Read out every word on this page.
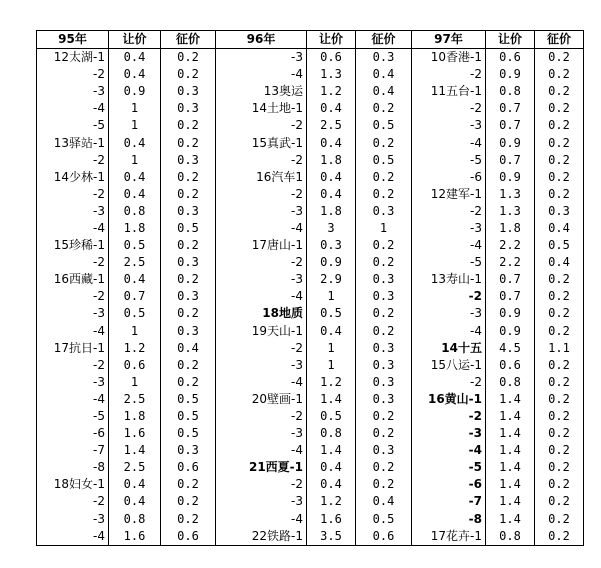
95年	让价	征价	96年	让价	征价	97年	让价	征价
12太湖-1	0.4	0.2	-3	0.6	0.3	10香港-1	0.6	0.2
-2	0.4	0.2	-4	1.3	0.4	-2	0.9	0.2
-3	0.9	0.3	13奥运	1.2	0.4	11五台-1	0.8	0.2
-4	1	0.3	14土地-1	0.4	0.2	-2	0.7	0.2
-5	1	0.2	-2	2.5	0.5	-3	0.7	0.2
13驿站-1	0.4	0.2	15真武-1	0.4	0.2	-4	0.9	0.2
-2	1	0.3	-2	1.8	0.5	-5	0.7	0.2
14少林-1	0.4	0.2	16汽车1	0.4	0.2	-6	0.9	0.2
-2	0.4	0.2	-2	0.4	0.2	12建军-1	1.3	0.2
-3	0.8	0.3	-3	1.8	0.3	-2	1.3	0.3
-4	1.8	0.5	-4	3	1	-3	1.8	0.4
15珍稀-1	0.5	0.2	17唐山-1	0.3	0.2	-4	2.2	0.5
-2	2.5	0.3	-2	0.9	0.2	-5	2.2	0.4
16西藏-1	0.4	0.2	-3	2.9	0.3	13寿山-1	0.7	0.2
-2	0.7	0.3	-4	1	0.3	-2	0.7	0.2
-3	0.5	0.2	18地质	0.5	0.2	-3	0.9	0.2
-4	1	0.3	19天山-1	0.4	0.2	-4	0.9	0.2
17抗日-1	1.2	0.4	-2	1	0.3	14十五	4.5	1.1
-2	0.6	0.2	-3	1	0.3	15八运-1	0.6	0.2
-3	1	0.2	-4	1.2	0.3	-2	0.8	0.2
-4	2.5	0.5	20壁画-1	1.4	0.3	16黄山-1	1.4	0.2
-5	1.8	0.5	-2	0.5	0.2	-2	1.4	0.2
-6	1.6	0.5	-3	0.8	0.2	-3	1.4	0.2
-7	1.4	0.3	-4	1.4	0.3	-4	1.4	0.2
-8	2.5	0.6	21西夏-1	0.4	0.2	-5	1.4	0.2
18妇女-1	0.4	0.2	-2	0.4	0.2	-6	1.4	0.2
-2	0.4	0.2	-3	1.2	0.4	-7	1.4	0.2
-3	0.8	0.2	-4	1.6	0.5	-8	1.4	0.2
-4	1.6	0.6	22铁路-1	3.5	0.6	17花卉-1	0.8	0.2
